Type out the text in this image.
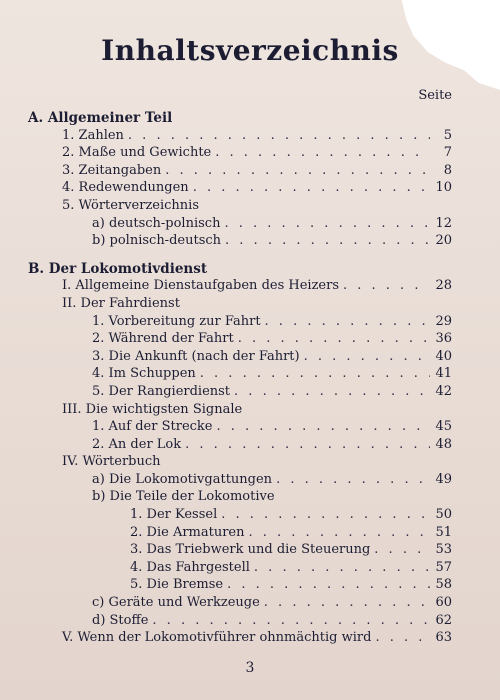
Inhaltsverzeichnis
Seite
A. Allgemeiner Teil
1. Zahlen . . .	5
2. Maße und Gewichte . . .	7
3. Zeitangaben . . .	8
4. Redewendungen . . .	10
5. Wörterverzeichnis
a) deutsch-polnisch . . .	12
b) polnisch-deutsch . . .	20
B. Der Lokomotivdienst
I. Allgemeine Dienstaufgaben des Heizers . . .	28
II. Der Fahrdienst
1. Vorbereitung zur Fahrt . . .	29
2. Während der Fahrt . . .	36
3. Die Ankunft (nach der Fahrt) . . .	40
4. Im Schuppen . . .	41
5. Der Rangierdienst . . .	42
III. Die wichtigsten Signale
1. Auf der Strecke . . .	45
2. An der Lok . . .	48
IV. Wörterbuch
a) Die Lokomotivgattungen . . .	49
b) Die Teile der Lokomotive
1. Der Kessel . . .	50
2. Die Armaturen . . .	51
3. Das Triebwerk und die Steuerung . . .	53
4. Das Fahrgestell . . .	57
5. Die Bremse . . .	58
c) Geräte und Werkzeuge . . .	60
d) Stoffe . . .	62
V. Wenn der Lokomotivführer ohnmächtig wird . . .	63
3
